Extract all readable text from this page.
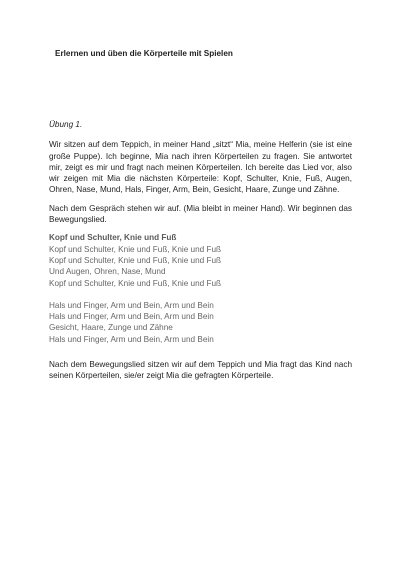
Erlernen und üben die Körperteile mit Spielen

Übung 1.

Wir sitzen auf dem Teppich, in meiner Hand „sitzt“ Mia, meine Helferin (sie ist eine große Puppe). Ich beginne, Mia nach ihren Körperteilen zu fragen. Sie antwortet mir, zeigt es mir und fragt nach meinen Körperteilen. Ich bereite das Lied vor, also wir zeigen mit Mia die nächsten Körperteile: Kopf, Schulter, Knie, Fuß, Augen, Ohren, Nase, Mund, Hals, Finger, Arm, Bein, Gesicht, Haare, Zunge und Zähne.

Nach dem Gespräch stehen wir auf. (Mia bleibt in meiner Hand). Wir beginnen das Bewegungslied.

Kopf und Schulter, Knie und Fuß

Kopf und Schulter, Knie und Fuß, Knie und Fuß

Kopf und Schulter, Knie und Fuß, Knie und Fuß

Und Augen, Ohren, Nase, Mund

Kopf und Schulter, Knie und Fuß, Knie und Fuß

Hals und Finger, Arm und Bein, Arm und Bein

Hals und Finger, Arm und Bein, Arm und Bein

Gesicht, Haare, Zunge und Zähne

Hals und Finger, Arm und Bein, Arm und Bein

Nach dem Bewegungslied sitzen wir auf dem Teppich und Mia fragt das Kind nach seinen Körperteilen, sie/er zeigt Mia die gefragten Körperteile.
